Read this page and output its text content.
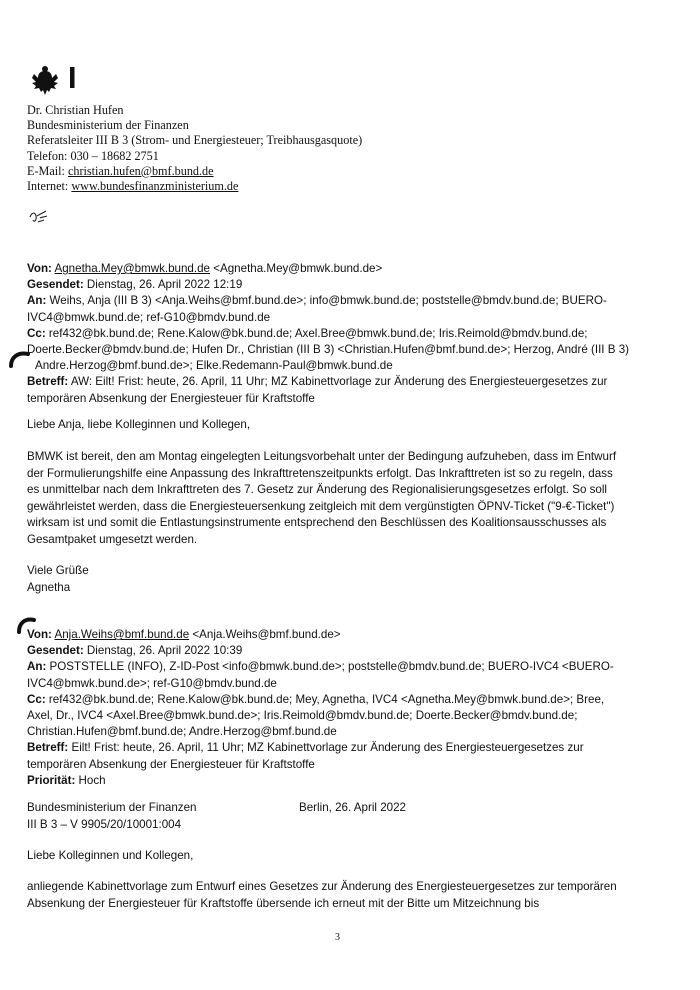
Dr. Christian Hufen
Bundesministerium der Finanzen
Referatsleiter III B 3 (Strom- und Energiesteuer; Treibhausgasquote)
Telefon: 030 – 18682 2751
E-Mail: christian.hufen@bmf.bund.de
Internet: www.bundesfinanzministerium.de
Von: Agnetha.Mey@bmwk.bund.de <Agnetha.Mey@bmwk.bund.de>
Gesendet: Dienstag, 26. April 2022 12:19
An: Weihs, Anja (III B 3) <Anja.Weihs@bmf.bund.de>; info@bmwk.bund.de; poststelle@bmdv.bund.de; BUERO-
IVC4@bmwk.bund.de; ref-G10@bmdv.bund.de
Cc: ref432@bk.bund.de; Rene.Kalow@bk.bund.de; Axel.Bree@bmwk.bund.de; Iris.Reimold@bmdv.bund.de;
Doerte.Becker@bmdv.bund.de; Hufen Dr., Christian (III B 3) <Christian.Hufen@bmf.bund.de>; Herzog, André (III B 3)
Andre.Herzog@bmf.bund.de>; Elke.Redemann-Paul@bmwk.bund.de
Betreff: AW: Eilt! Frist: heute, 26. April, 11 Uhr; MZ Kabinettvorlage zur Änderung des Energiesteuergesetzes zur
temporären Absenkung der Energiesteuer für Kraftstoffe
Liebe Anja, liebe Kolleginnen und Kollegen,
BMWK ist bereit, den am Montag eingelegten Leitungsvorbehalt unter der Bedingung aufzuheben, dass im Entwurf
der Formulierungshilfe eine Anpassung des Inkrafttretenszeitpunkts erfolgt. Das Inkrafttreten ist so zu regeln, dass
es unmittelbar nach dem Inkrafttreten des 7. Gesetz zur Änderung des Regionalisierungsgesetzes erfolgt. So soll
gewährleistet werden, dass die Energiesteuersenkung zeitgleich mit dem vergünstigten ÖPNV-Ticket ("9-€-Ticket")
wirksam ist und somit die Entlastungsinstrumente entsprechend den Beschlüssen des Koalitionsausschusses als
Gesamtpaket umgesetzt werden.
Viele Grüße
Agnetha
Von: Anja.Weihs@bmf.bund.de <Anja.Weihs@bmf.bund.de>
Gesendet: Dienstag, 26. April 2022 10:39
An: POSTSTELLE (INFO), Z-ID-Post <info@bmwk.bund.de>; poststelle@bmdv.bund.de; BUERO-IVC4 <BUERO-
IVC4@bmwk.bund.de>; ref-G10@bmdv.bund.de
Cc: ref432@bk.bund.de; Rene.Kalow@bk.bund.de; Mey, Agnetha, IVC4 <Agnetha.Mey@bmwk.bund.de>; Bree,
Axel, Dr., IVC4 <Axel.Bree@bmwk.bund.de>; Iris.Reimold@bmdv.bund.de; Doerte.Becker@bmdv.bund.de;
Christian.Hufen@bmf.bund.de; Andre.Herzog@bmf.bund.de
Betreff: Eilt! Frist: heute, 26. April, 11 Uhr; MZ Kabinettvorlage zur Änderung des Energiesteuergesetzes zur
temporären Absenkung der Energiesteuer für Kraftstoffe
Priorität: Hoch
Bundesministerium der Finanzen	Berlin, 26. April 2022
III B 3 – V 9905/20/10001:004
Liebe Kolleginnen und Kollegen,
anliegende Kabinettvorlage zum Entwurf eines Gesetzes zur Änderung des Energiesteuergesetzes zur temporären
Absenkung der Energiesteuer für Kraftstoffe übersende ich erneut mit der Bitte um Mitzeichnung bis
3
